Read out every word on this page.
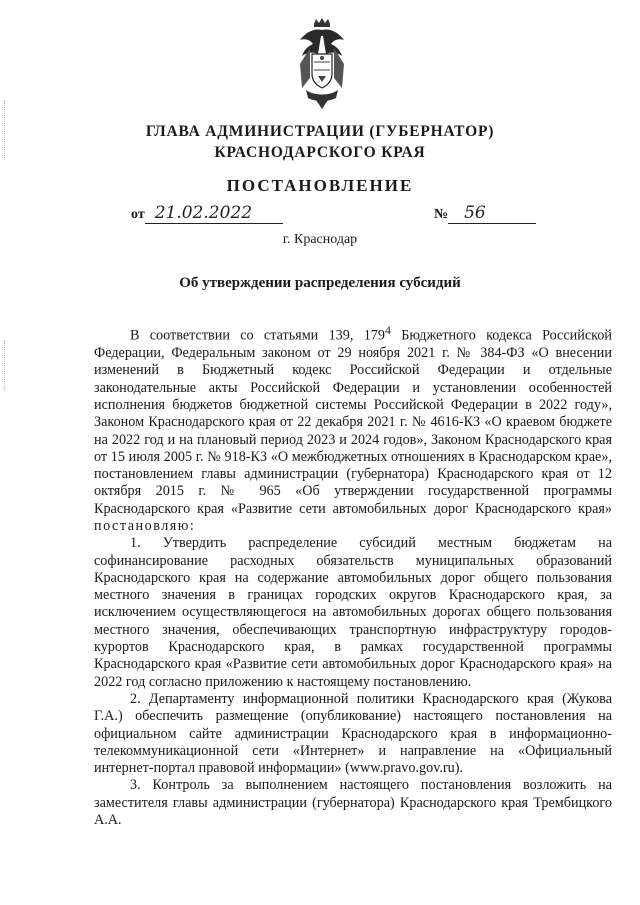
ГЛАВА АДМИНИСТРАЦИИ (ГУБЕРНАТОР)
КРАСНОДАРСКОГО КРАЯ
ПОСТАНОВЛЕНИЕ
от 21.02.2022	№ 56
г. Краснодар
Об утверждении распределения субсидий

В соответствии со статьями 139, $179^4$ Бюджетного кодекса Российской Федерации, Федеральным законом от 29 ноября 2021 г. № 384-ФЗ «О внесении изменений в Бюджетный кодекс Российской Федерации и отдельные законодательные акты Российской Федерации и установлении особенностей исполнения бюджетов бюджетной системы Российской Федерации в 2022 году», Законом Краснодарского края от 22 декабря 2021 г. № 4616-КЗ «О краевом бюджете на 2022 год и на плановый период 2023 и 2024 годов», Законом Краснодарского края от 15 июля 2005 г. № 918-КЗ «О межбюджетных отношениях в Краснодарском крае», постановлением главы администрации (губернатора) Краснодарского края от 12 октября 2015 г. № 965 «Об утверждении государственной программы Краснодарского края «Развитие сети автомобильных дорог Краснодарского края» постановляю:

1. Утвердить распределение субсидий местным бюджетам на софинансирование расходных обязательств муниципальных образований Краснодарского края на содержание автомобильных дорог общего пользования местного значения в границах городских округов Краснодарского края, за исключением осуществляющегося на автомобильных дорогах общего пользования местного значения, обеспечивающих транспортную инфраструктуру городов-курортов Краснодарского края, в рамках государственной программы Краснодарского края «Развитие сети автомобильных дорог Краснодарского края» на 2022 год согласно приложению к настоящему постановлению.

2. Департаменту информационной политики Краснодарского края (Жукова Г.А.) обеспечить размещение (опубликование) настоящего постановления на официальном сайте администрации Краснодарского края в информационно-телекоммуникационной сети «Интернет» и направление на «Официальный интернет-портал правовой информации» (www.pravo.gov.ru).

3. Контроль за выполнением настоящего постановления возложить на заместителя главы администрации (губернатора) Краснодарского края Трембицкого А.А.
